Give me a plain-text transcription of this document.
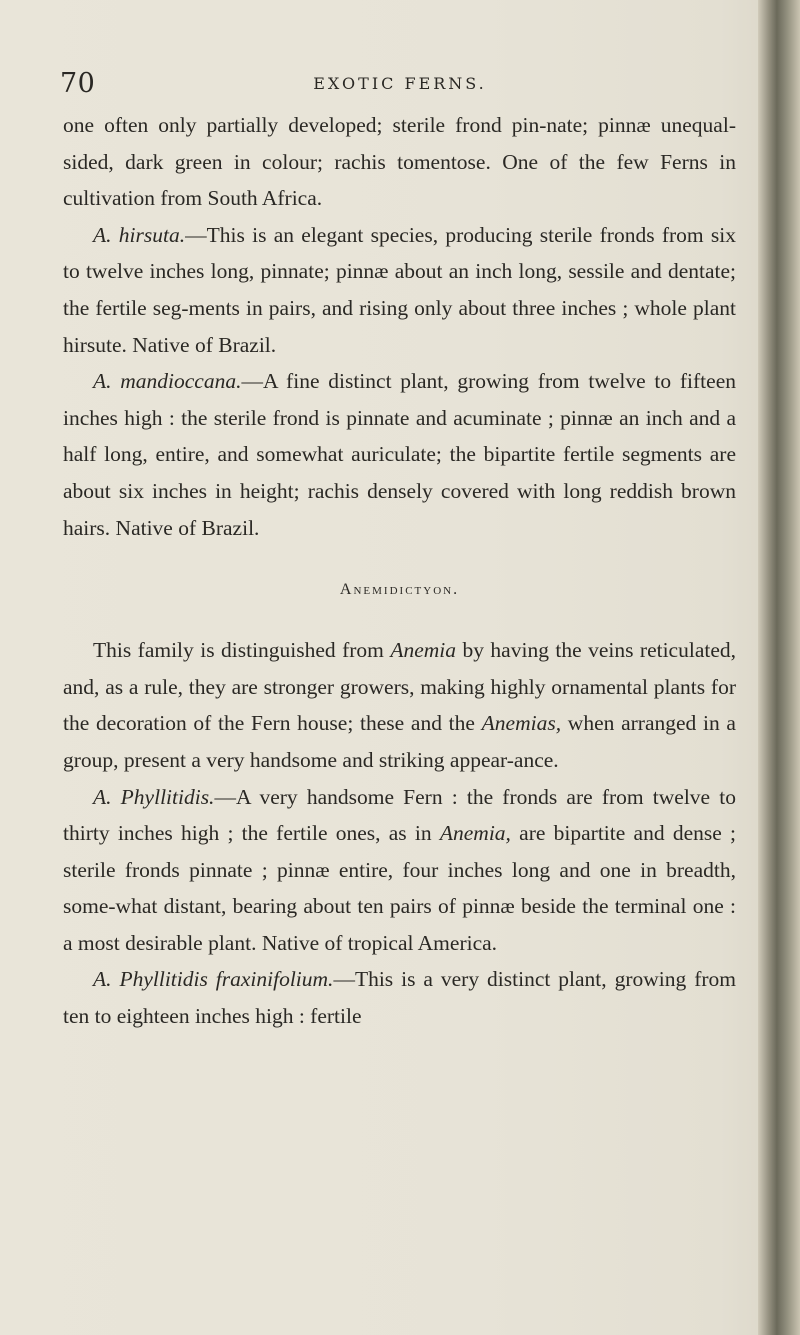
70	EXOTIC FERNS.

one often only partially developed; sterile frond pin-nate; pinnæ unequal-sided, dark green in colour; rachis tomentose. One of the few Ferns in cultivation from South Africa.

A. hirsuta.—This is an elegant species, producing sterile fronds from six to twelve inches long, pinnate; pinnæ about an inch long, sessile and dentate; the fertile seg-ments in pairs, and rising only about three inches ; whole plant hirsute. Native of Brazil.

A. mandioccana.—A fine distinct plant, growing from twelve to fifteen inches high : the sterile frond is pinnate and acuminate ; pinnæ an inch and a half long, entire, and somewhat auriculate; the bipartite fertile segments are about six inches in height; rachis densely covered with long reddish brown hairs. Native of Brazil.

Anemidictyon.

This family is distinguished from Anemia by having the veins reticulated, and, as a rule, they are stronger growers, making highly ornamental plants for the decoration of the Fern house; these and the Anemias, when arranged in a group, present a very handsome and striking appear-ance.

A. Phyllitidis.—A very handsome Fern : the fronds are from twelve to thirty inches high ; the fertile ones, as in Anemia, are bipartite and dense ; sterile fronds pinnate ; pinnæ entire, four inches long and one in breadth, some-what distant, bearing about ten pairs of pinnæ beside the terminal one : a most desirable plant. Native of tropical America.

A. Phyllitidis fraxinifolium.—This is a very distinct plant, growing from ten to eighteen inches high : fertile
